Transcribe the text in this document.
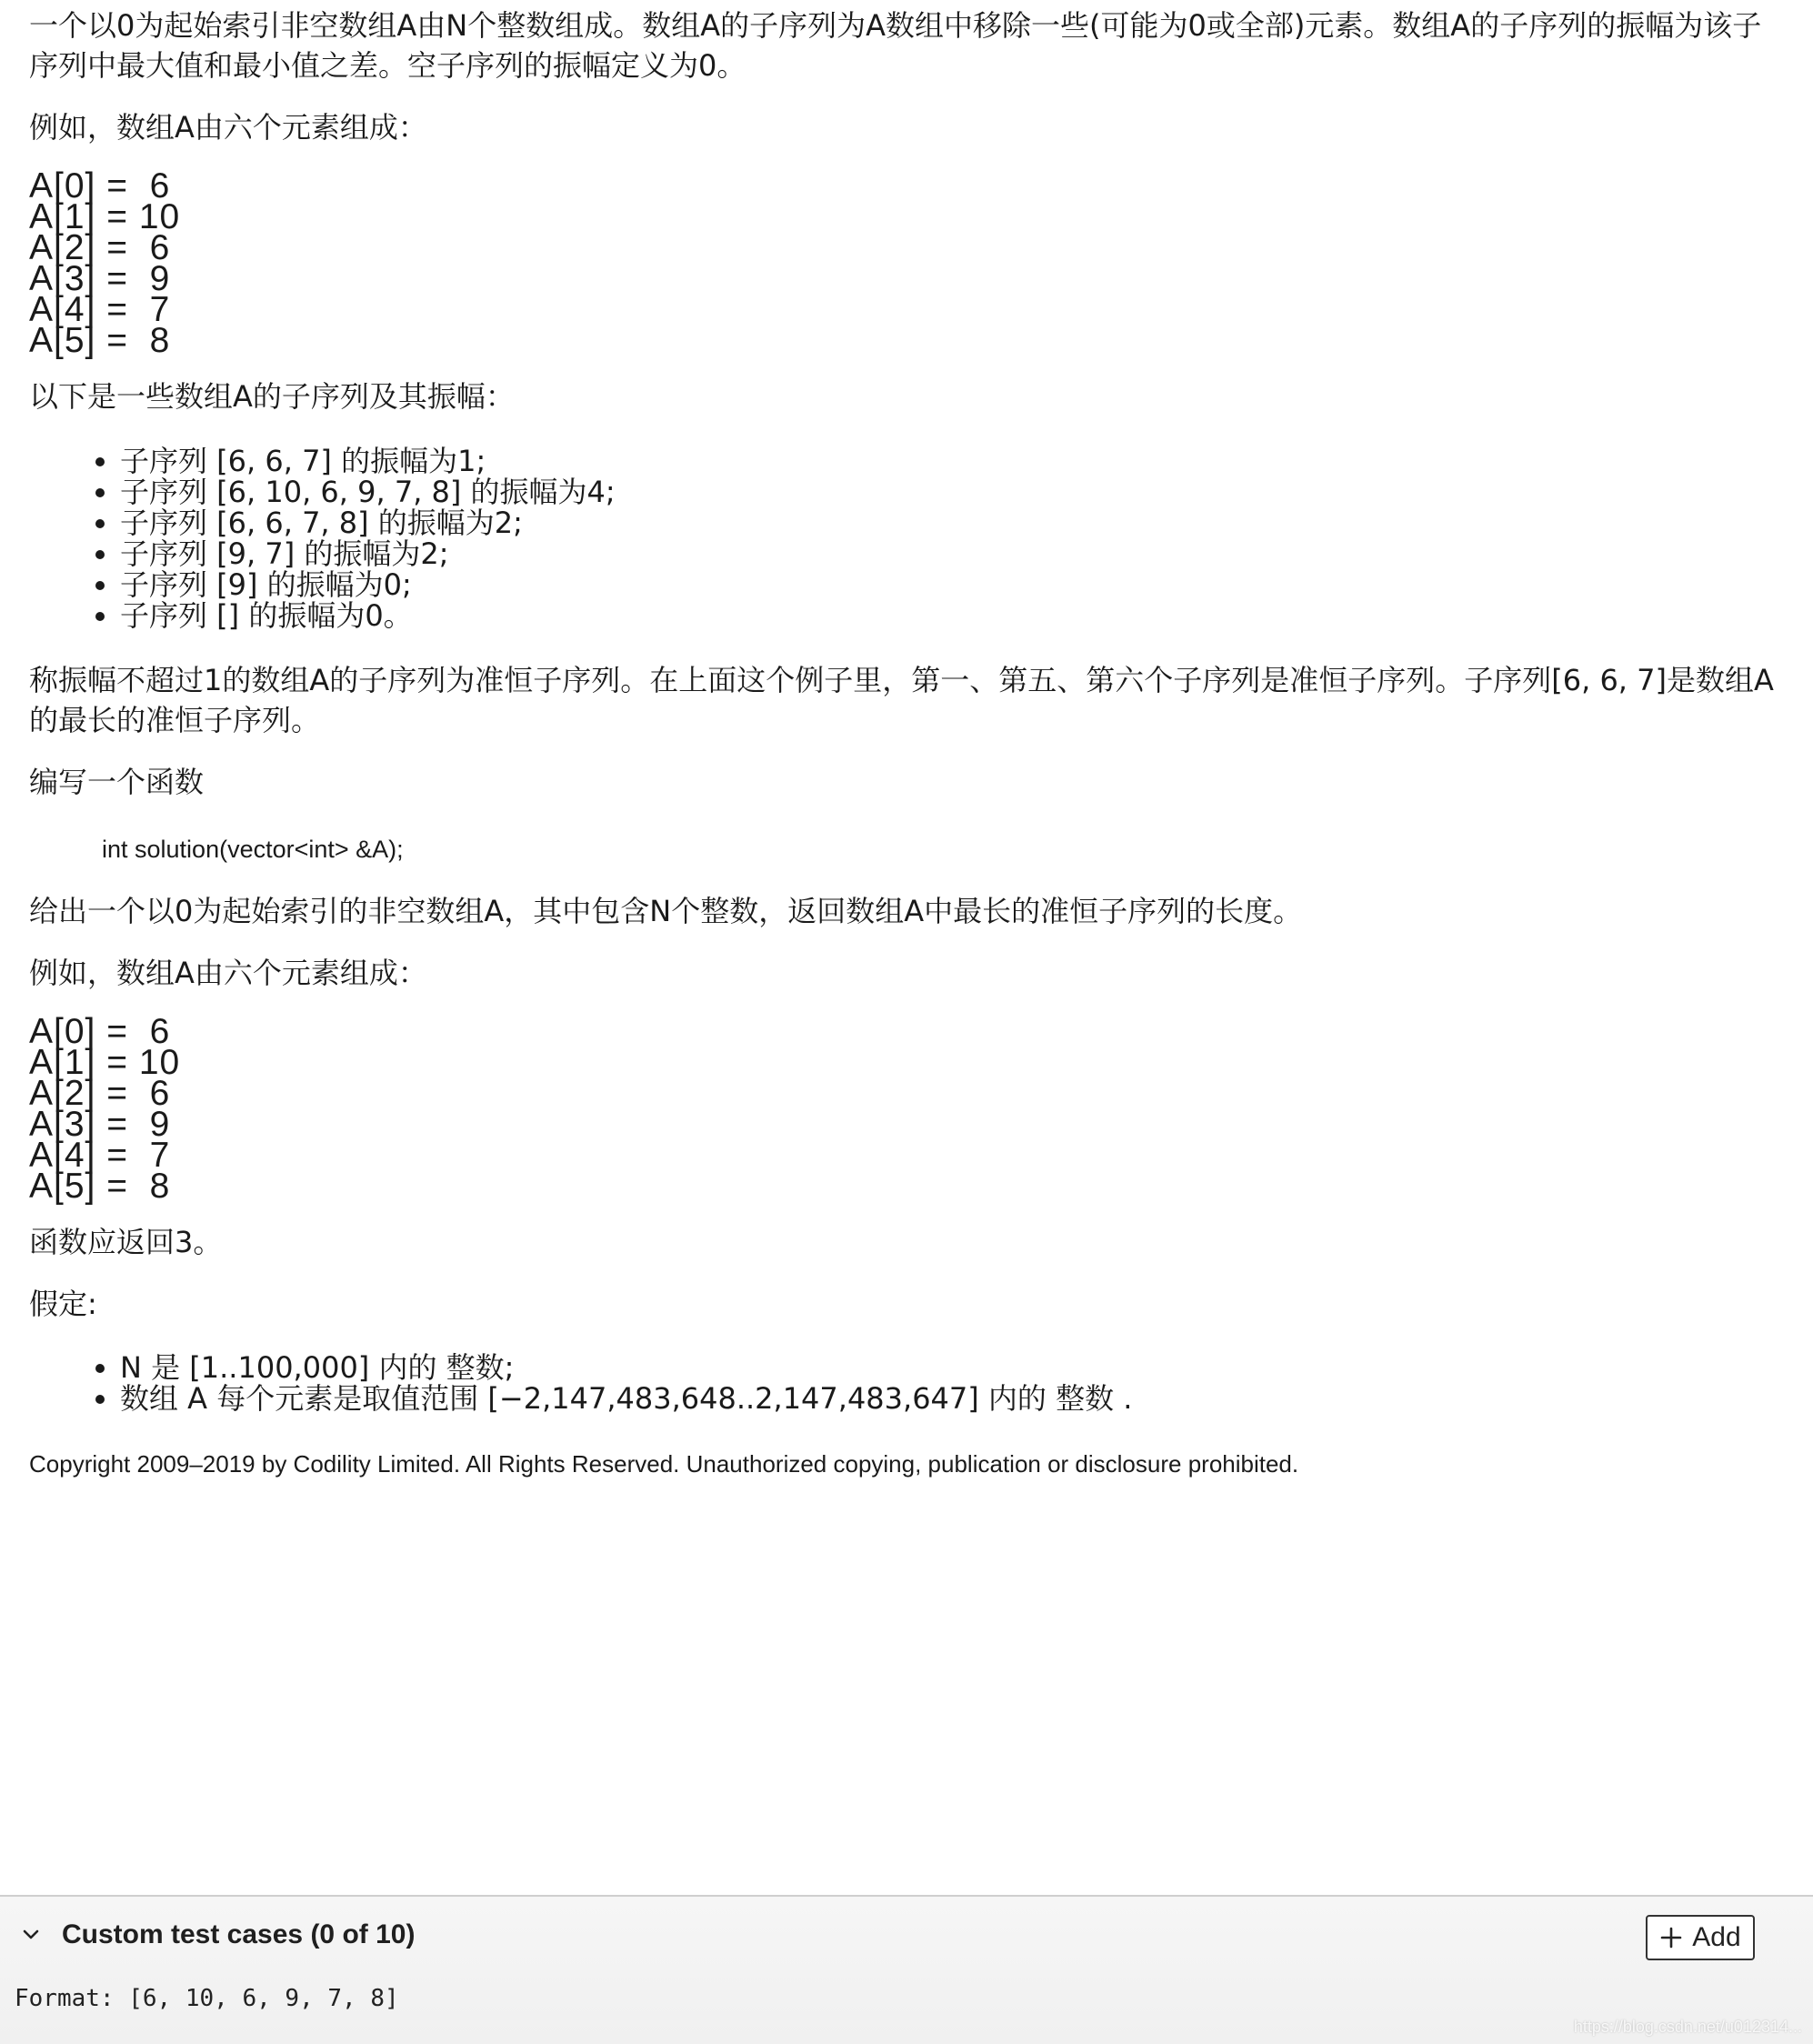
一个以0为起始索引非空数组A由N个整数组成。数组A的子序列为A数组中移除一些(可能为0或全部)元素。数组A的子序列的振幅为该子序列中最大值和最小值之差。空子序列的振幅定义为0。

例如，数组A由六个元素组成：

A[0] =  6
A[1] = 10
A[2] =  6
A[3] =  9
A[4] =  7
A[5] =  8

以下是一些数组A的子序列及其振幅：

• 子序列 [6, 6, 7] 的振幅为1;
• 子序列 [6, 10, 6, 9, 7, 8] 的振幅为4;
• 子序列 [6, 6, 7, 8] 的振幅为2;
• 子序列 [9, 7] 的振幅为2;
• 子序列 [9] 的振幅为0;
• 子序列 [] 的振幅为0。

称振幅不超过1的数组A的子序列为准恒子序列。在上面这个例子里，第一、第五、第六个子序列是准恒子序列。子序列[6, 6, 7]是数组A的最长的准恒子序列。

编写一个函数

int solution(vector<int> &A);

给出一个以0为起始索引的非空数组A，其中包含N个整数，返回数组A中最长的准恒子序列的长度。

例如，数组A由六个元素组成：

A[0] =  6
A[1] = 10
A[2] =  6
A[3] =  9
A[4] =  7
A[5] =  8

函数应返回3。

假定:

• N 是 [1..100,000] 内的 整数;
• 数组 A 每个元素是取值范围 [−2,147,483,648..2,147,483,647] 内的 整数 .
Copyright 2009–2019 by Codility Limited. All Rights Reserved. Unauthorized copying, publication or disclosure prohibited.
Custom test cases (0 of 10)	Add
Format: [6, 10, 6, 9, 7, 8]
https://blog.csdn.net/u012314...
